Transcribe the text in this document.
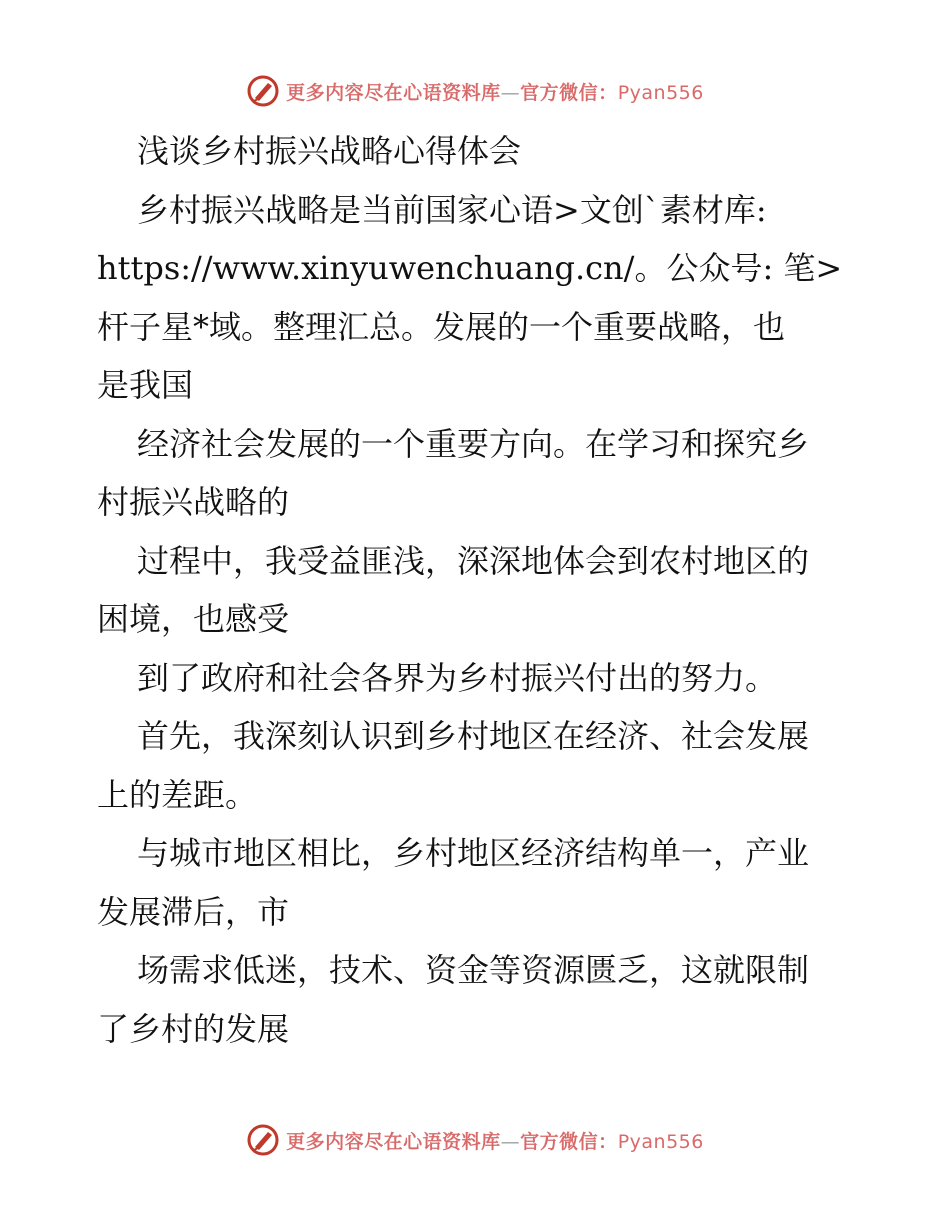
更多内容尽在心语资料库—官方微信：Pyan556
浅谈乡村振兴战略心得体会
乡村振兴战略是当前国家心语>文创`素材库:
https://www.xinyuwenchuang.cn/。公众号: 笔>
杆子星*域。整理汇总。发展的一个重要战略，也
是我国
经济社会发展的一个重要方向。在学习和探究乡
村振兴战略的
过程中，我受益匪浅，深深地体会到农村地区的
困境，也感受
到了政府和社会各界为乡村振兴付出的努力。
首先，我深刻认识到乡村地区在经济、社会发展
上的差距。
与城市地区相比，乡村地区经济结构单一，产业
发展滞后，市
场需求低迷，技术、资金等资源匮乏，这就限制
了乡村的发展
更多内容尽在心语资料库—官方微信：Pyan556
